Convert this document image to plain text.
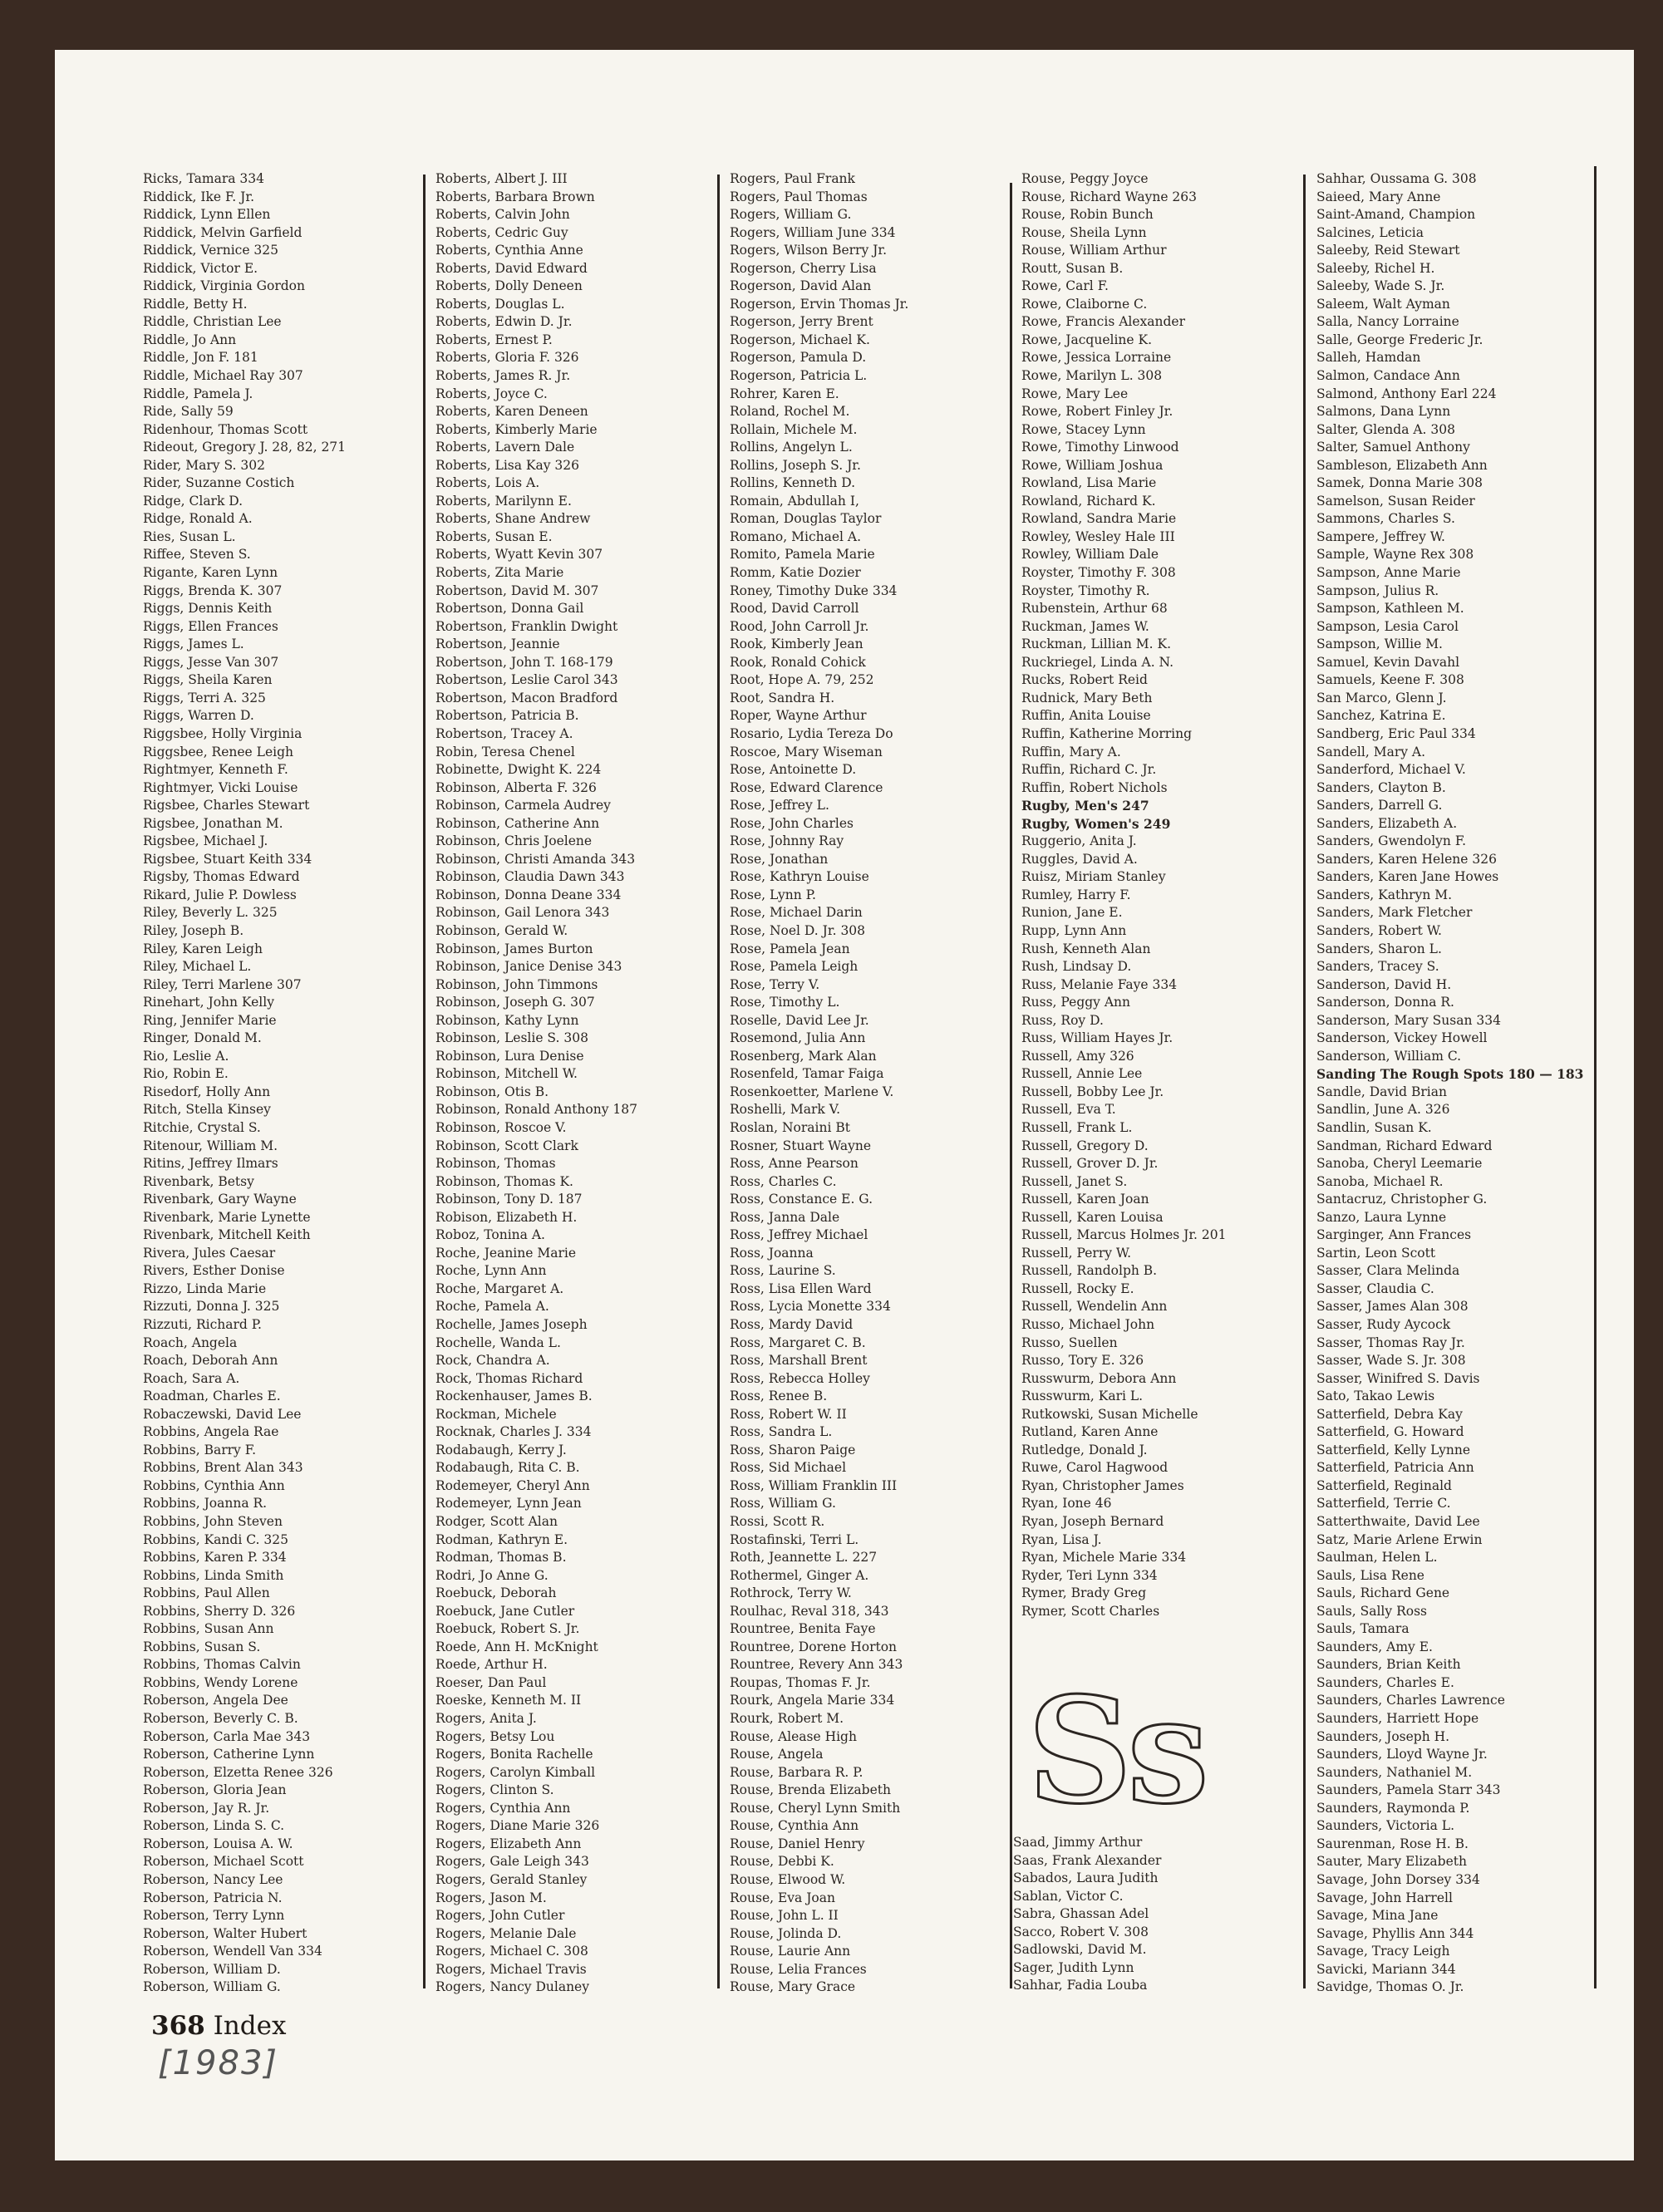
Ricks, Tamara 334
Riddick, Ike F. Jr.
Riddick, Lynn Ellen
Riddick, Melvin Garfield
Riddick, Vernice 325
Riddick, Victor E.
Riddick, Virginia Gordon
Riddle, Betty H.
Riddle, Christian Lee
Riddle, Jo Ann
Riddle, Jon F. 181
Riddle, Michael Ray 307
Riddle, Pamela J.
Ride, Sally 59
Ridenhour, Thomas Scott
Rideout, Gregory J. 28, 82, 271
Rider, Mary S. 302
Rider, Suzanne Costich
Ridge, Clark D.
Ridge, Ronald A.
Ries, Susan L.
Riffee, Steven S.
Rigante, Karen Lynn
Riggs, Brenda K. 307
Riggs, Dennis Keith
Riggs, Ellen Frances
Riggs, James L.
Riggs, Jesse Van 307
Riggs, Sheila Karen
Riggs, Terri A. 325
Riggs, Warren D.
Riggsbee, Holly Virginia
Riggsbee, Renee Leigh
Rightmyer, Kenneth F.
Rightmyer, Vicki Louise
Rigsbee, Charles Stewart
Rigsbee, Jonathan M.
Rigsbee, Michael J.
Rigsbee, Stuart Keith 334
Rigsby, Thomas Edward
Rikard, Julie P. Dowless
Riley, Beverly L. 325
Riley, Joseph B.
Riley, Karen Leigh
Riley, Michael L.
Riley, Terri Marlene 307
Rinehart, John Kelly
Ring, Jennifer Marie
Ringer, Donald M.
Rio, Leslie A.
Rio, Robin E.
Risedorf, Holly Ann
Ritch, Stella Kinsey
Ritchie, Crystal S.
Ritenour, William M.
Ritins, Jeffrey Ilmars
Rivenbark, Betsy
Rivenbark, Gary Wayne
Rivenbark, Marie Lynette
Rivenbark, Mitchell Keith
Rivera, Jules Caesar
Rivers, Esther Donise
Rizzo, Linda Marie
Rizzuti, Donna J. 325
Rizzuti, Richard P.
Roach, Angela
Roach, Deborah Ann
Roach, Sara A.
Roadman, Charles E.
Robaczewski, David Lee
Robbins, Angela Rae
Robbins, Barry F.
Robbins, Brent Alan 343
Robbins, Cynthia Ann
Robbins, Joanna R.
Robbins, John Steven
Robbins, Kandi C. 325
Robbins, Karen P. 334
Robbins, Linda Smith
Robbins, Paul Allen
Robbins, Sherry D. 326
Robbins, Susan Ann
Robbins, Susan S.
Robbins, Thomas Calvin
Robbins, Wendy Lorene
Roberson, Angela Dee
Roberson, Beverly C. B.
Roberson, Carla Mae 343
Roberson, Catherine Lynn
Roberson, Elzetta Renee 326
Roberson, Gloria Jean
Roberson, Jay R. Jr.
Roberson, Linda S. C.
Roberson, Louisa A. W.
Roberson, Michael Scott
Roberson, Nancy Lee
Roberson, Patricia N.
Roberson, Terry Lynn
Roberson, Walter Hubert
Roberson, Wendell Van 334
Roberson, William D.
Roberson, William G.
Roberts, Albert J. III
Roberts, Barbara Brown
Roberts, Calvin John
Roberts, Cedric Guy
Roberts, Cynthia Anne
Roberts, David Edward
Roberts, Dolly Deneen
Roberts, Douglas L.
Roberts, Edwin D. Jr.
Roberts, Ernest P.
Roberts, Gloria F. 326
Roberts, James R. Jr.
Roberts, Joyce C.
Roberts, Karen Deneen
Roberts, Kimberly Marie
Roberts, Lavern Dale
Roberts, Lisa Kay 326
Roberts, Lois A.
Roberts, Marilynn E.
Roberts, Shane Andrew
Roberts, Susan E.
Roberts, Wyatt Kevin 307
Roberts, Zita Marie
Robertson, David M. 307
Robertson, Donna Gail
Robertson, Franklin Dwight
Robertson, Jeannie
Robertson, John T. 168-179
Robertson, Leslie Carol 343
Robertson, Macon Bradford
Robertson, Patricia B.
Robertson, Tracey A.
Robin, Teresa Chenel
Robinette, Dwight K. 224
Robinson, Alberta F. 326
Robinson, Carmela Audrey
Robinson, Catherine Ann
Robinson, Chris Joelene
Robinson, Christi Amanda 343
Robinson, Claudia Dawn 343
Robinson, Donna Deane 334
Robinson, Gail Lenora 343
Robinson, Gerald W.
Robinson, James Burton
Robinson, Janice Denise 343
Robinson, John Timmons
Robinson, Joseph G. 307
Robinson, Kathy Lynn
Robinson, Leslie S. 308
Robinson, Lura Denise
Robinson, Mitchell W.
Robinson, Otis B.
Robinson, Ronald Anthony 187
Robinson, Roscoe V.
Robinson, Scott Clark
Robinson, Thomas
Robinson, Thomas K.
Robinson, Tony D. 187
Robison, Elizabeth H.
Roboz, Tonina A.
Roche, Jeanine Marie
Roche, Lynn Ann
Roche, Margaret A.
Roche, Pamela A.
Rochelle, James Joseph
Rochelle, Wanda L.
Rock, Chandra A.
Rock, Thomas Richard
Rockenhauser, James B.
Rockman, Michele
Rocknak, Charles J. 334
Rodabaugh, Kerry J.
Rodabaugh, Rita C. B.
Rodemeyer, Cheryl Ann
Rodemeyer, Lynn Jean
Rodger, Scott Alan
Rodman, Kathryn E.
Rodman, Thomas B.
Rodri, Jo Anne G.
Roebuck, Deborah
Roebuck, Jane Cutler
Roebuck, Robert S. Jr.
Roede, Ann H. McKnight
Roede, Arthur H.
Roeser, Dan Paul
Roeske, Kenneth M. II
Rogers, Anita J.
Rogers, Betsy Lou
Rogers, Bonita Rachelle
Rogers, Carolyn Kimball
Rogers, Clinton S.
Rogers, Cynthia Ann
Rogers, Diane Marie 326
Rogers, Elizabeth Ann
Rogers, Gale Leigh 343
Rogers, Gerald Stanley
Rogers, Jason M.
Rogers, John Cutler
Rogers, Melanie Dale
Rogers, Michael C. 308
Rogers, Michael Travis
Rogers, Nancy Dulaney
Rogers, Paul Frank
Rogers, Paul Thomas
Rogers, William G.
Rogers, William June 334
Rogers, Wilson Berry Jr.
Rogerson, Cherry Lisa
Rogerson, David Alan
Rogerson, Ervin Thomas Jr.
Rogerson, Jerry Brent
Rogerson, Michael K.
Rogerson, Pamula D.
Rogerson, Patricia L.
Rohrer, Karen E.
Roland, Rochel M.
Rollain, Michele M.
Rollins, Angelyn L.
Rollins, Joseph S. Jr.
Rollins, Kenneth D.
Romain, Abdullah I,
Roman, Douglas Taylor
Romano, Michael A.
Romito, Pamela Marie
Romm, Katie Dozier
Roney, Timothy Duke 334
Rood, David Carroll
Rood, John Carroll Jr.
Rook, Kimberly Jean
Rook, Ronald Cohick
Root, Hope A. 79, 252
Root, Sandra H.
Roper, Wayne Arthur
Rosario, Lydia Tereza Do
Roscoe, Mary Wiseman
Rose, Antoinette D.
Rose, Edward Clarence
Rose, Jeffrey L.
Rose, John Charles
Rose, Johnny Ray
Rose, Jonathan
Rose, Kathryn Louise
Rose, Lynn P.
Rose, Michael Darin
Rose, Noel D. Jr. 308
Rose, Pamela Jean
Rose, Pamela Leigh
Rose, Terry V.
Rose, Timothy L.
Roselle, David Lee Jr.
Rosemond, Julia Ann
Rosenberg, Mark Alan
Rosenfeld, Tamar Faiga
Rosenkoetter, Marlene V.
Roshelli, Mark V.
Roslan, Noraini Bt
Rosner, Stuart Wayne
Ross, Anne Pearson
Ross, Charles C.
Ross, Constance E. G.
Ross, Janna Dale
Ross, Jeffrey Michael
Ross, Joanna
Ross, Laurine S.
Ross, Lisa Ellen Ward
Ross, Lycia Monette 334
Ross, Mardy David
Ross, Margaret C. B.
Ross, Marshall Brent
Ross, Rebecca Holley
Ross, Renee B.
Ross, Robert W. II
Ross, Sandra L.
Ross, Sharon Paige
Ross, Sid Michael
Ross, William Franklin III
Ross, William G.
Rossi, Scott R.
Rostafinski, Terri L.
Roth, Jeannette L. 227
Rothermel, Ginger A.
Rothrock, Terry W.
Roulhac, Reval 318, 343
Rountree, Benita Faye
Rountree, Dorene Horton
Rountree, Revery Ann 343
Roupas, Thomas F. Jr.
Rourk, Angela Marie 334
Rourk, Robert M.
Rouse, Alease High
Rouse, Angela
Rouse, Barbara R. P.
Rouse, Brenda Elizabeth
Rouse, Cheryl Lynn Smith
Rouse, Cynthia Ann
Rouse, Daniel Henry
Rouse, Debbi K.
Rouse, Elwood W.
Rouse, Eva Joan
Rouse, John L. II
Rouse, Jolinda D.
Rouse, Laurie Ann
Rouse, Lelia Frances
Rouse, Mary Grace
Rouse, Peggy Joyce
Rouse, Richard Wayne 263
Rouse, Robin Bunch
Rouse, Sheila Lynn
Rouse, William Arthur
Routt, Susan B.
Rowe, Carl F.
Rowe, Claiborne C.
Rowe, Francis Alexander
Rowe, Jacqueline K.
Rowe, Jessica Lorraine
Rowe, Marilyn L. 308
Rowe, Mary Lee
Rowe, Robert Finley Jr.
Rowe, Stacey Lynn
Rowe, Timothy Linwood
Rowe, William Joshua
Rowland, Lisa Marie
Rowland, Richard K.
Rowland, Sandra Marie
Rowley, Wesley Hale III
Rowley, William Dale
Royster, Timothy F. 308
Royster, Timothy R.
Rubenstein, Arthur 68
Ruckman, James W.
Ruckman, Lillian M. K.
Ruckriegel, Linda A. N.
Rucks, Robert Reid
Rudnick, Mary Beth
Ruffin, Anita Louise
Ruffin, Katherine Morring
Ruffin, Mary A.
Ruffin, Richard C. Jr.
Ruffin, Robert Nichols
Rugby, Men's 247
Rugby, Women's 249
Ruggerio, Anita J.
Ruggles, David A.
Ruisz, Miriam Stanley
Rumley, Harry F.
Runion, Jane E.
Rupp, Lynn Ann
Rush, Kenneth Alan
Rush, Lindsay D.
Russ, Melanie Faye 334
Russ, Peggy Ann
Russ, Roy D.
Russ, William Hayes Jr.
Russell, Amy 326
Russell, Annie Lee
Russell, Bobby Lee Jr.
Russell, Eva T.
Russell, Frank L.
Russell, Gregory D.
Russell, Grover D. Jr.
Russell, Janet S.
Russell, Karen Joan
Russell, Karen Louisa
Russell, Marcus Holmes Jr. 201
Russell, Perry W.
Russell, Randolph B.
Russell, Rocky E.
Russell, Wendelin Ann
Russo, Michael John
Russo, Suellen
Russo, Tory E. 326
Russwurm, Debora Ann
Russwurm, Kari L.
Rutkowski, Susan Michelle
Rutland, Karen Anne
Rutledge, Donald J.
Ruwe, Carol Hagwood
Ryan, Christopher James
Ryan, Ione 46
Ryan, Joseph Bernard
Ryan, Lisa J.
Ryan, Michele Marie 334
Ryder, Teri Lynn 334
Rymer, Brady Greg
Rymer, Scott Charles
Ss
Saad, Jimmy Arthur
Saas, Frank Alexander
Sabados, Laura Judith
Sablan, Victor C.
Sabra, Ghassan Adel
Sacco, Robert V. 308
Sadlowski, David M.
Sager, Judith Lynn
Sahhar, Fadia Louba
Sahhar, Oussama G. 308
Saieed, Mary Anne
Saint-Amand, Champion
Salcines, Leticia
Saleeby, Reid Stewart
Saleeby, Richel H.
Saleeby, Wade S. Jr.
Saleem, Walt Ayman
Salla, Nancy Lorraine
Salle, George Frederic Jr.
Salleh, Hamdan
Salmon, Candace Ann
Salmond, Anthony Earl 224
Salmons, Dana Lynn
Salter, Glenda A. 308
Salter, Samuel Anthony
Sambleson, Elizabeth Ann
Samek, Donna Marie 308
Samelson, Susan Reider
Sammons, Charles S.
Sampere, Jeffrey W.
Sample, Wayne Rex 308
Sampson, Anne Marie
Sampson, Julius R.
Sampson, Kathleen M.
Sampson, Lesia Carol
Sampson, Willie M.
Samuel, Kevin Davahl
Samuels, Keene F. 308
San Marco, Glenn J.
Sanchez, Katrina E.
Sandberg, Eric Paul 334
Sandell, Mary A.
Sanderford, Michael V.
Sanders, Clayton B.
Sanders, Darrell G.
Sanders, Elizabeth A.
Sanders, Gwendolyn F.
Sanders, Karen Helene 326
Sanders, Karen Jane Howes
Sanders, Kathryn M.
Sanders, Mark Fletcher
Sanders, Robert W.
Sanders, Sharon L.
Sanders, Tracey S.
Sanderson, David H.
Sanderson, Donna R.
Sanderson, Mary Susan 334
Sanderson, Vickey Howell
Sanderson, William C.
Sanding The Rough Spots 180 — 183
Sandle, David Brian
Sandlin, June A. 326
Sandlin, Susan K.
Sandman, Richard Edward
Sanoba, Cheryl Leemarie
Sanoba, Michael R.
Santacruz, Christopher G.
Sanzo, Laura Lynne
Sarginger, Ann Frances
Sartin, Leon Scott
Sasser, Clara Melinda
Sasser, Claudia C.
Sasser, James Alan 308
Sasser, Rudy Aycock
Sasser, Thomas Ray Jr.
Sasser, Wade S. Jr. 308
Sasser, Winifred S. Davis
Sato, Takao Lewis
Satterfield, Debra Kay
Satterfield, G. Howard
Satterfield, Kelly Lynne
Satterfield, Patricia Ann
Satterfield, Reginald
Satterfield, Terrie C.
Satterthwaite, David Lee
Satz, Marie Arlene Erwin
Saulman, Helen L.
Sauls, Lisa Rene
Sauls, Richard Gene
Sauls, Sally Ross
Sauls, Tamara
Saunders, Amy E.
Saunders, Brian Keith
Saunders, Charles E.
Saunders, Charles Lawrence
Saunders, Harriett Hope
Saunders, Joseph H.
Saunders, Lloyd Wayne Jr.
Saunders, Nathaniel M.
Saunders, Pamela Starr 343
Saunders, Raymonda P.
Saunders, Victoria L.
Saurenman, Rose H. B.
Sauter, Mary Elizabeth
Savage, John Dorsey 334
Savage, John Harrell
Savage, Mina Jane
Savage, Phyllis Ann 344
Savage, Tracy Leigh
Savicki, Mariann 344
Savidge, Thomas O. Jr.
368 Index
[1983]
